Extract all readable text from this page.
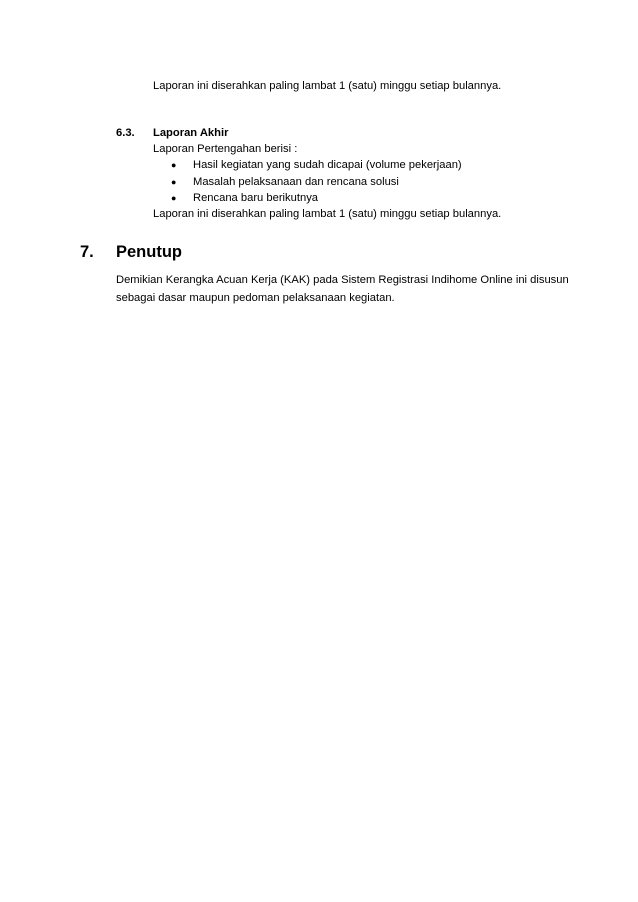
Laporan ini diserahkan paling lambat 1 (satu) minggu setiap bulannya.
6.3. Laporan Akhir
Laporan Pertengahan berisi :
● Hasil kegiatan yang sudah dicapai (volume pekerjaan)
● Masalah pelaksanaan dan rencana solusi
● Rencana baru berikutnya
Laporan ini diserahkan paling lambat 1 (satu) minggu setiap bulannya.
7. Penutup
Demikian Kerangka Acuan Kerja (KAK) pada Sistem Registrasi Indihome Online ini disusun
sebagai dasar maupun pedoman pelaksanaan kegiatan.
